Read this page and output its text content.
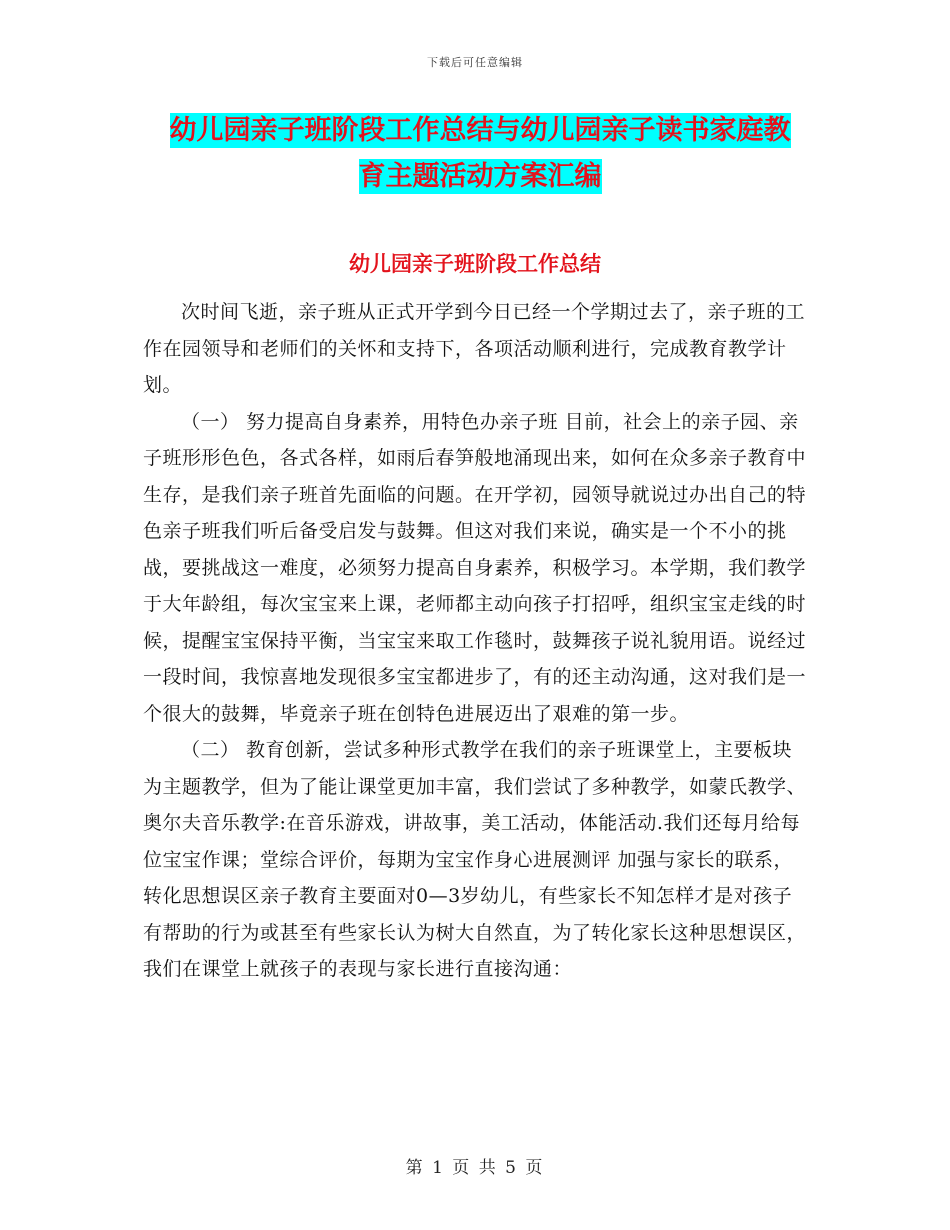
下载后可任意编辑
幼儿园亲子班阶段工作总结与幼儿园亲子读书家庭教
育主题活动方案汇编
幼儿园亲子班阶段工作总结

次时间飞逝，亲子班从正式开学到今日已经一个学期过去了，亲子班的工作在园领导和老师们的关怀和支持下，各项活动顺利进行，完成教育教学计划。

（一） 努力提高自身素养，用特色办亲子班 目前，社会上的亲子园、亲子班形形色色，各式各样，如雨后春笋般地涌现出来，如何在众多亲子教育中生存，是我们亲子班首先面临的问题。在开学初，园领导就说过办出自己的特色亲子班我们听后备受启发与鼓舞。但这对我们来说，确实是一个不小的挑战，要挑战这一难度，必须努力提高自身素养，积极学习。本学期，我们教学于大年龄组，每次宝宝来上课，老师都主动向孩子打招呼，组织宝宝走线的时候，提醒宝宝保持平衡，当宝宝来取工作毯时，鼓舞孩子说礼貌用语。说经过一段时间，我惊喜地发现很多宝宝都进步了，有的还主动沟通，这对我们是一个很大的鼓舞，毕竟亲子班在创特色进展迈出了艰难的第一步。

（二） 教育创新，尝试多种形式教学在我们的亲子班课堂上，主要板块为主题教学，但为了能让课堂更加丰富，我们尝试了多种教学，如蒙氏教学、奥尔夫音乐教学:在音乐游戏，讲故事，美工活动，体能活动.我们还每月给每位宝宝作课；堂综合评价，每期为宝宝作身心进展测评 加强与家长的联系，转化思想误区亲子教育主要面对0—3岁幼儿，有些家长不知怎样才是对孩子有帮助的行为或甚至有些家长认为树大自然直，为了转化家长这种思想误区，我们在课堂上就孩子的表现与家长进行直接沟通：

第 1 页 共 5 页
